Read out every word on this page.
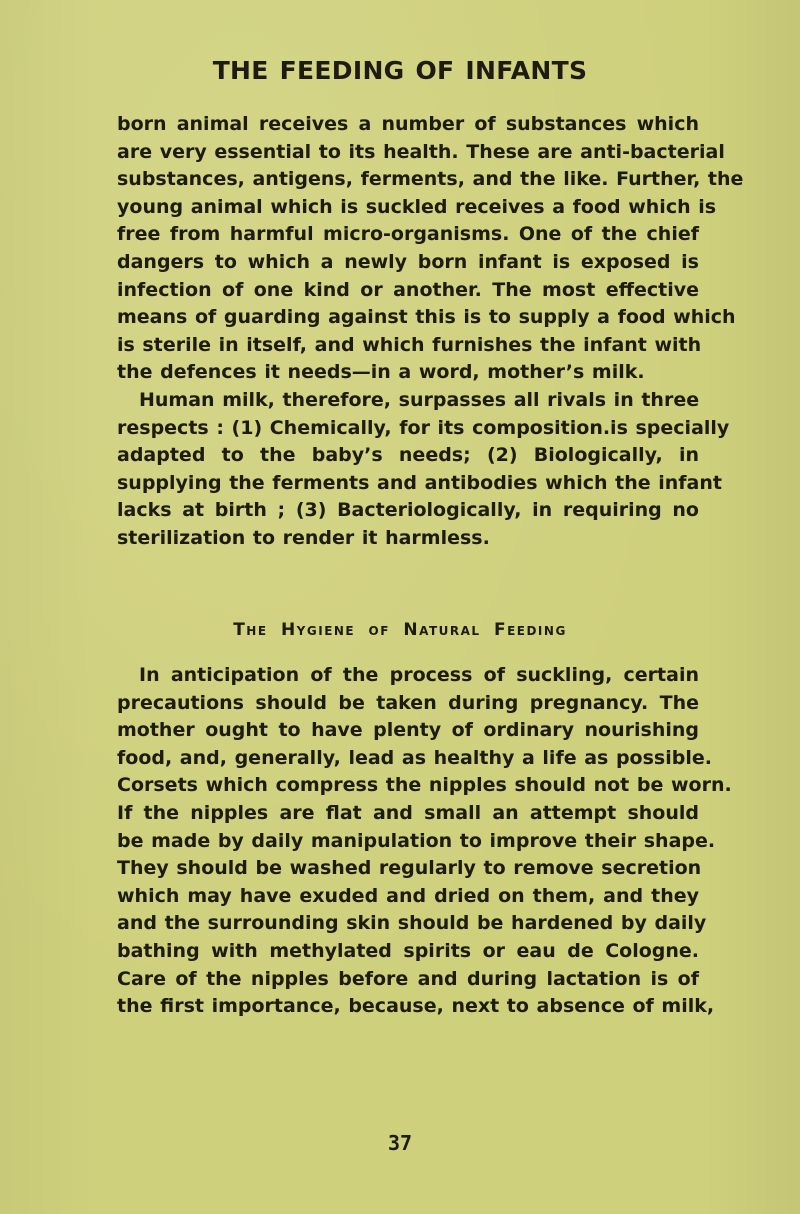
THE FEEDING OF INFANTS
born animal receives a number of substances which
are very essential to its health. These are anti-bacterial
substances, antigens, ferments, and the like. Further, the
young animal which is suckled receives a food which is
free from harmful micro-organisms. One of the chief
dangers to which a newly born infant is exposed is
infection of one kind or another. The most effective
means of guarding against this is to supply a food which
is sterile in itself, and which furnishes the infant with
the defences it needs—in a word, mother’s milk.
Human milk, therefore, surpasses all rivals in three
respects : (1) Chemically, for its composition.is specially
adapted to the baby’s needs; (2) Biologically, in
supplying the ferments and antibodies which the infant
lacks at birth ; (3) Bacteriologically, in requiring no
sterilization to render it harmless.
The Hygiene of Natural Feeding
In anticipation of the process of suckling, certain
precautions should be taken during pregnancy. The
mother ought to have plenty of ordinary nourishing
food, and, generally, lead as healthy a life as possible.
Corsets which compress the nipples should not be worn.
If the nipples are flat and small an attempt should
be made by daily manipulation to improve their shape.
They should be washed regularly to remove secretion
which may have exuded and dried on them, and they
and the surrounding skin should be hardened by daily
bathing with methylated spirits or eau de Cologne.
Care of the nipples before and during lactation is of
the first importance, because, next to absence of milk,
37
